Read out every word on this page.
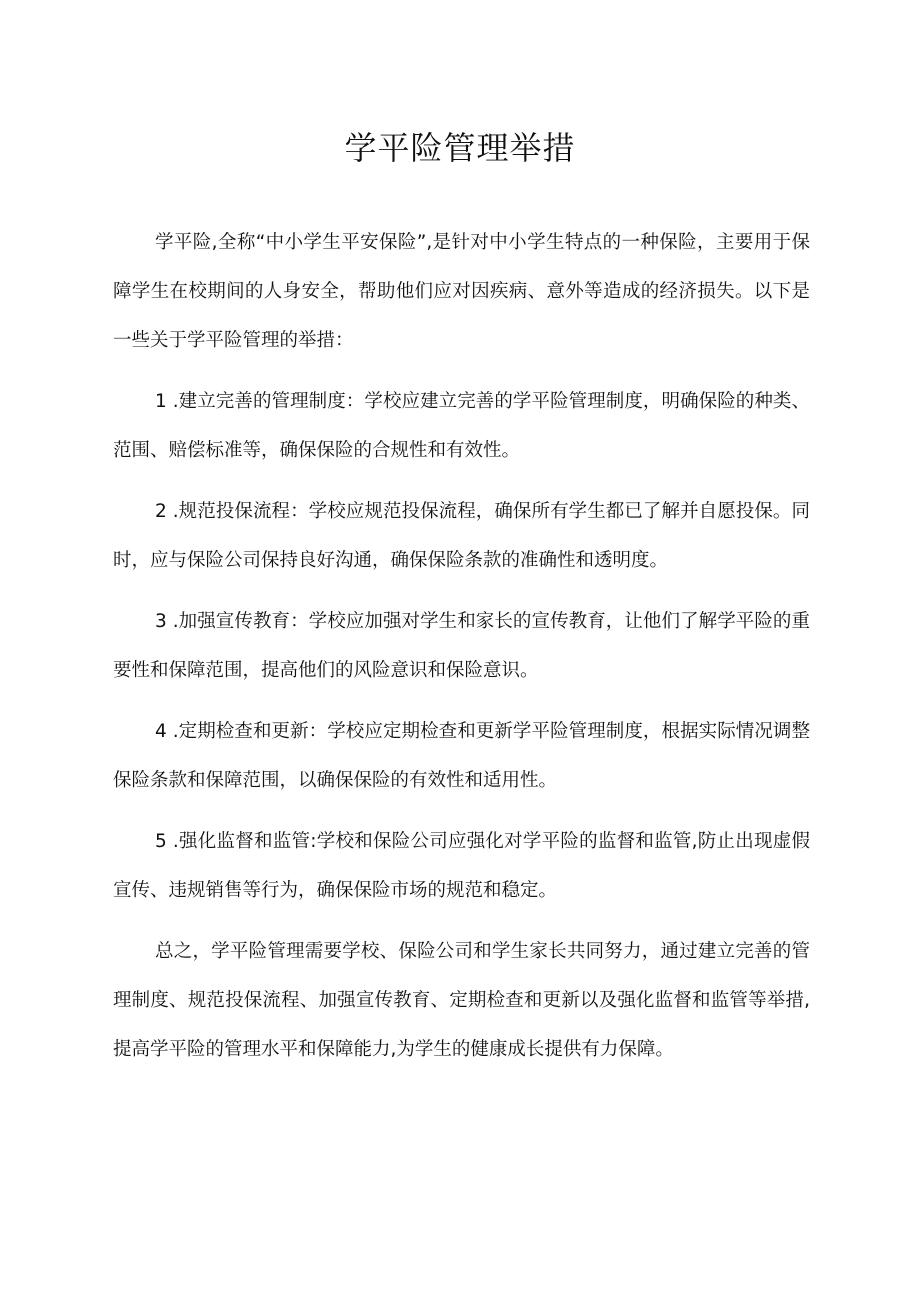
学平险管理举措

学平险,全称“中小学生平安保险”,是针对中小学生特点的一种保险，主要用于保障学生在校期间的人身安全，帮助他们应对因疾病、意外等造成的经济损失。以下是一些关于学平险管理的举措：

1 .建立完善的管理制度：学校应建立完善的学平险管理制度，明确保险的种类、范围、赔偿标准等，确保保险的合规性和有效性。

2 .规范投保流程：学校应规范投保流程，确保所有学生都已了解并自愿投保。同时，应与保险公司保持良好沟通，确保保险条款的准确性和透明度。

3 .加强宣传教育：学校应加强对学生和家长的宣传教育，让他们了解学平险的重要性和保障范围，提高他们的风险意识和保险意识。

4 .定期检查和更新：学校应定期检查和更新学平险管理制度，根据实际情况调整保险条款和保障范围，以确保保险的有效性和适用性。

5 .强化监督和监管:学校和保险公司应强化对学平险的监督和监管,防止出现虚假宣传、违规销售等行为，确保保险市场的规范和稳定。

总之，学平险管理需要学校、保险公司和学生家长共同努力，通过建立完善的管理制度、规范投保流程、加强宣传教育、定期检查和更新以及强化监督和监管等举措,提高学平险的管理水平和保障能力,为学生的健康成长提供有力保障。
